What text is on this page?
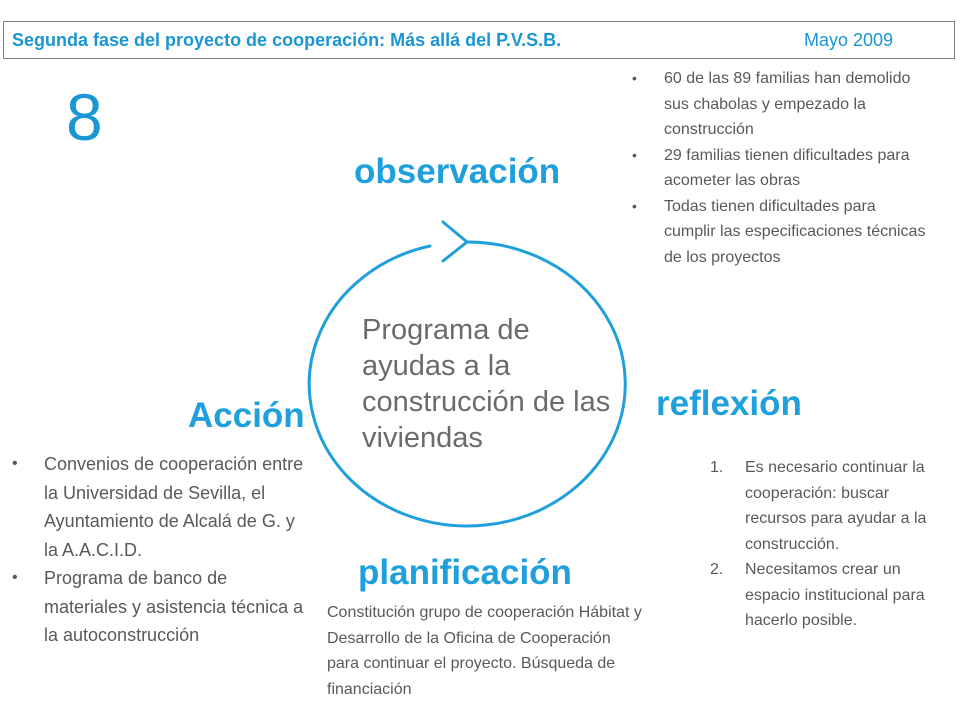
Segunda fase del proyecto de cooperación: Más allá del P.V.S.B.	Mayo 2009
8
observación
reflexión
planificación
Acción
Programa de ayudas a la construcción de las viviendas
• 60 de las 89 familias han demolido sus chabolas y empezado la construcción
• 29 familias tienen dificultades para acometer las obras
• Todas tienen dificultades para cumplir las especificaciones técnicas de los proyectos
1. Es necesario continuar la cooperación: buscar recursos para ayudar a la construcción.
2. Necesitamos crear un espacio institucional para hacerlo posible.
Constitución grupo de cooperación Hábitat y Desarrollo de la Oficina de Cooperación para continuar el proyecto. Búsqueda de financiación
• Convenios de cooperación entre la Universidad de Sevilla, el Ayuntamiento de Alcalá de G. y la A.A.C.I.D.
• Programa de banco de materiales y asistencia técnica a la autoconstrucción
